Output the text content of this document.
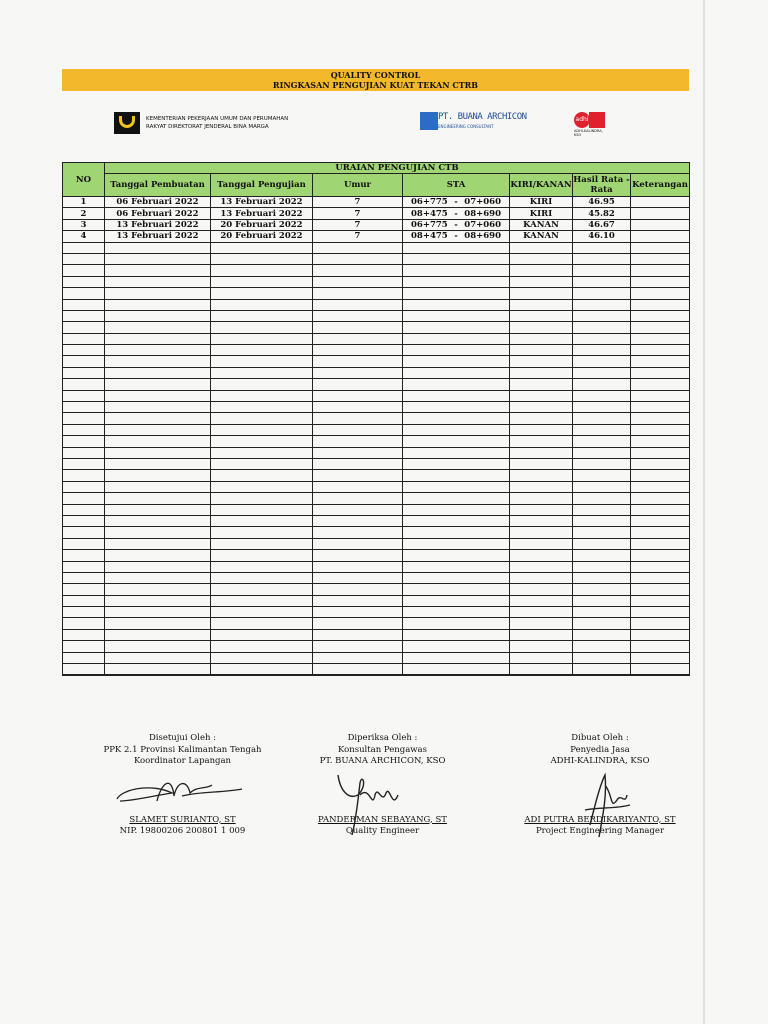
QUALITY CONTROL
RINGKASAN PENGUJIAN KUAT TEKAN CTRB
KEMENTERIAN PEKERJAAN UMUM DAN PERUMAHAN
RAKYAT DIREKTORAT JENDERAL BINA MARGA
PT. BUANA ARCHICON
ENGINEERING CONSULTANT
adhi
ADHI-KALINDRA, KSO
NO	URAIAN PENGUJIAN CTB						
	Tanggal Pembuatan	Tanggal Pengujian	Umur	STA	KIRI/KANAN	Hasil Rata - Rata	Keterangan
1	06 Februari 2022	13 Februari 2022	7	06+775 - 07+060	KIRI	46.95	
2	06 Februari 2022	13 Februari 2022	7	08+475 - 08+690	KIRI	45.82	
3	13 Februari 2022	20 Februari 2022	7	06+775 - 07+060	KANAN	46.67	
4	13 Februari 2022	20 Februari 2022	7	08+475 - 08+690	KANAN	46.10	

Disetujui Oleh :
PPK 2.1 Provinsi Kalimantan Tengah
Koordinator Lapangan
SLAMET SURIANTO, ST
NIP. 19800206 200801 1 009
Diperiksa Oleh :
Konsultan Pengawas
PT. BUANA ARCHICON, KSO
PANDERMAN SEBAYANG, ST
Quality Engineer
Dibuat Oleh :
Penyedia Jasa
ADHI-KALINDRA, KSO
ADI PUTRA BERDIKARIYANTO, ST
Project Engineering Manager
